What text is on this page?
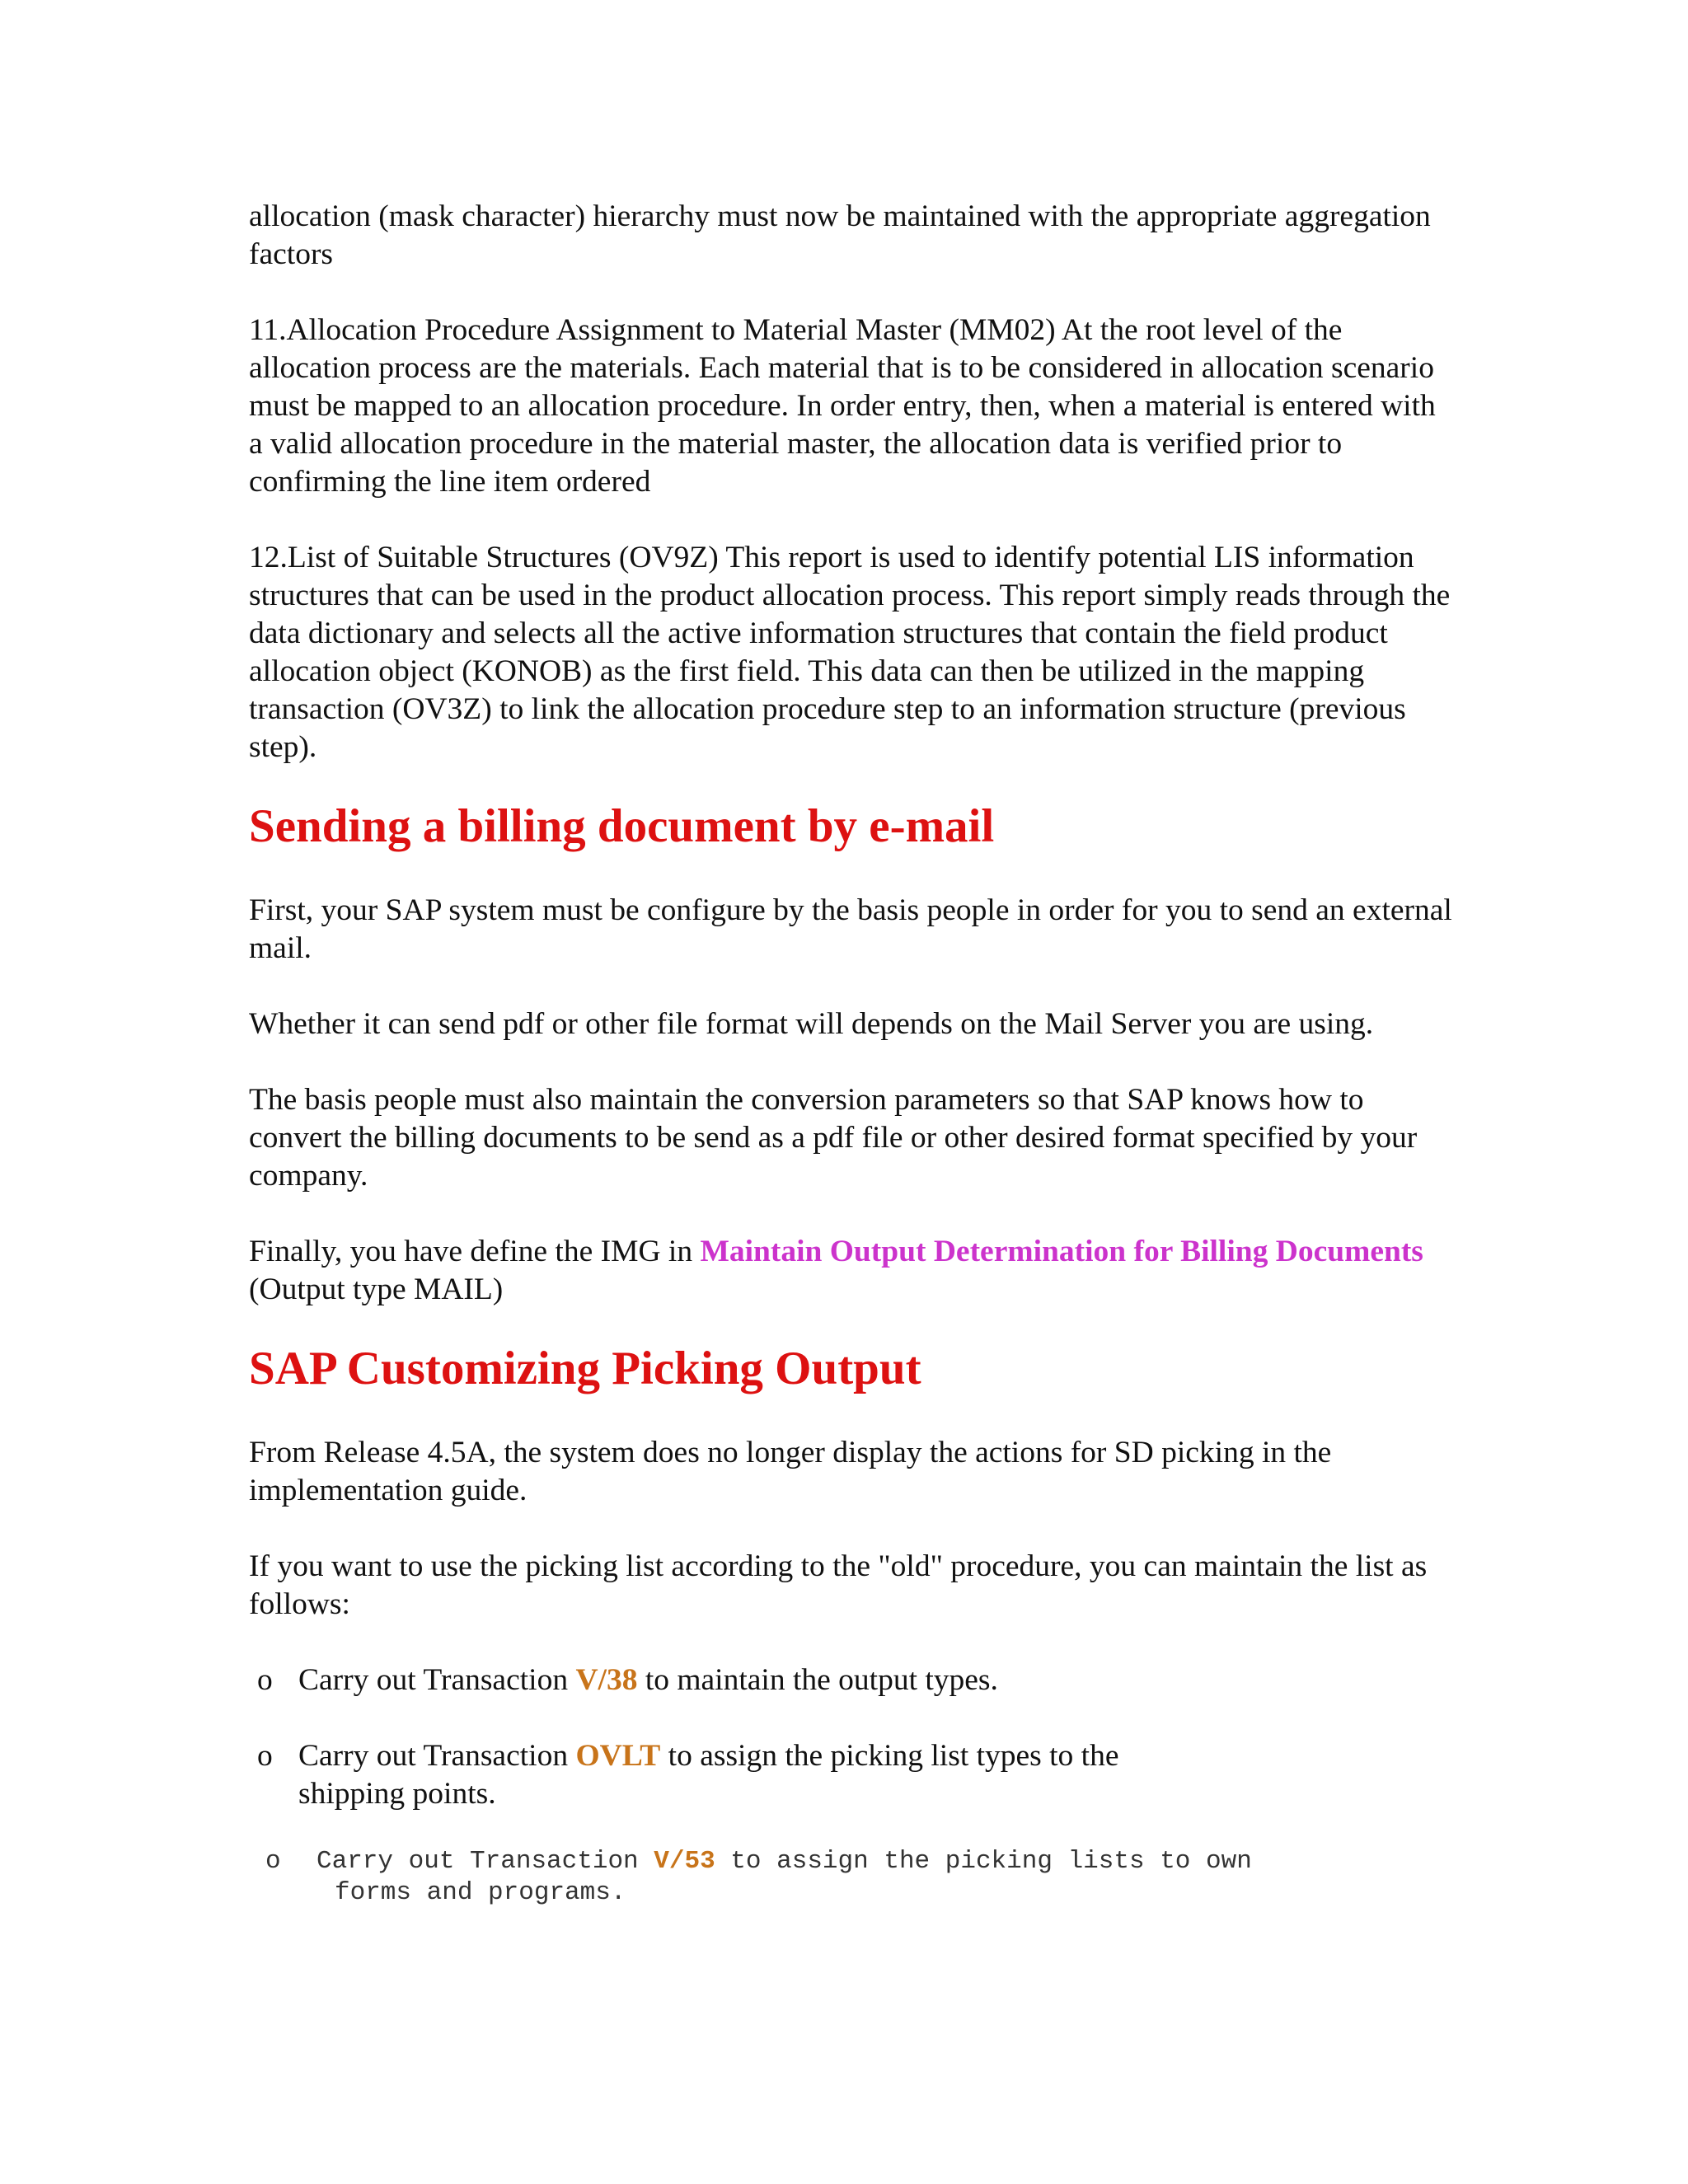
allocation (mask character) hierarchy must now be maintained with the appropriate aggregation factors

11.Allocation Procedure Assignment to Material Master (MM02) At the root level of the allocation process are the materials. Each material that is to be considered in allocation scenario must be mapped to an allocation procedure. In order entry, then, when a material is entered with a valid allocation procedure in the material master, the allocation data is verified prior to confirming the line item ordered

12.List of Suitable Structures (OV9Z) This report is used to identify potential LIS information structures that can be used in the product allocation process. This report simply reads through the data dictionary and selects all the active information structures that contain the field product allocation object (KONOB) as the first field. This data can then be utilized in the mapping transaction (OV3Z) to link the allocation procedure step to an information structure (previous step).

Sending a billing document by e-mail

First, your SAP system must be configure by the basis people in order for you to send an external mail.

Whether it can send pdf or other file format will depends on the Mail Server you are using.

The basis people must also maintain the conversion parameters so that SAP knows how to convert the billing documents to be send as a pdf file or other desired format specified by your company.

Finally, you have define the IMG in Maintain Output Determination for Billing Documents (Output type MAIL)

SAP Customizing Picking Output

From Release 4.5A, the system does no longer display the actions for SD picking in the implementation guide.

If you want to use the picking list according to the "old" procedure, you can maintain the list as follows:

o Carry out Transaction V/38 to maintain the output types.
o Carry out Transaction OVLT to assign the picking list types to the shipping points.
o	Carry out Transaction V/53 to assign the picking lists to own
forms and programs.
